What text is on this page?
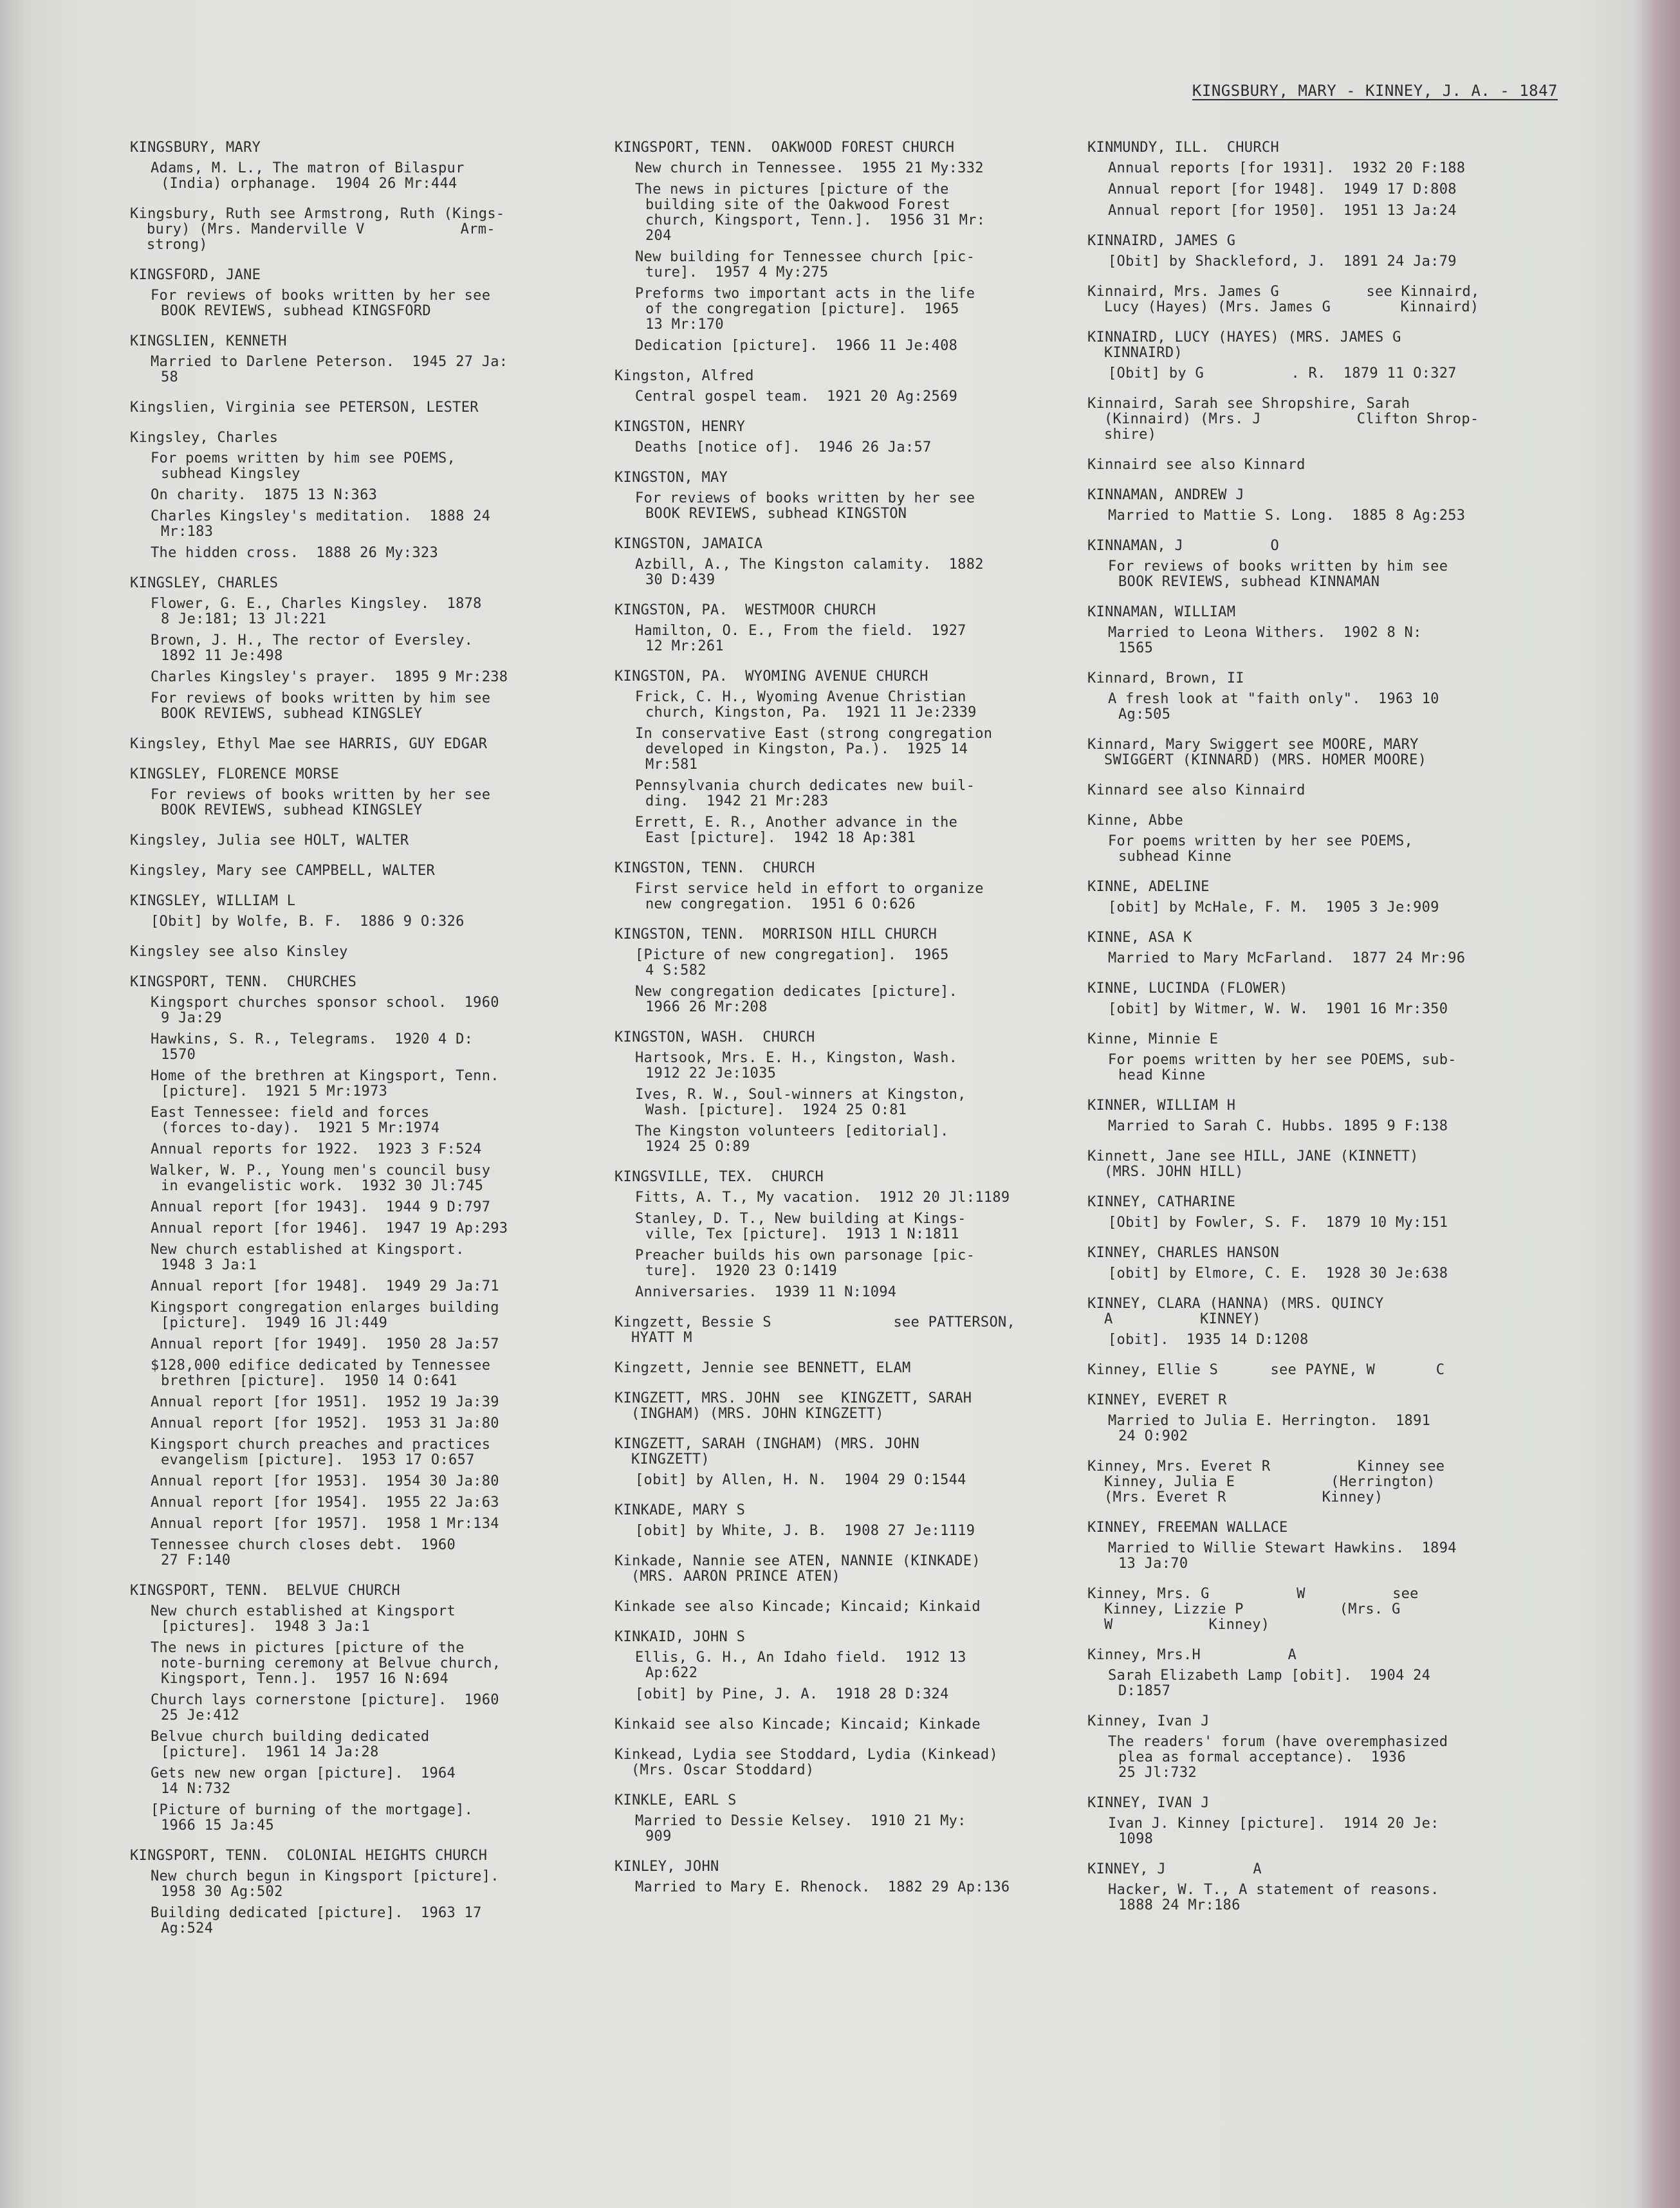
KINGSBURY, MARY - KINNEY, J. A. - 1847
KINGSBURY, MARY
Adams, M. L., The matron of Bilaspur
(India) orphanage.  1904 26 Mr:444
Kingsbury, Ruth see Armstrong, Ruth (Kings-
bury) (Mrs. Manderville V           Arm-
strong)
KINGSFORD, JANE
For reviews of books written by her see
BOOK REVIEWS, subhead KINGSFORD
KINGSLIEN, KENNETH
Married to Darlene Peterson.  1945 27 Ja:
58
Kingslien, Virginia see PETERSON, LESTER
Kingsley, Charles
For poems written by him see POEMS,
subhead Kingsley
On charity.  1875 13 N:363
Charles Kingsley's meditation.  1888 24
Mr:183
The hidden cross.  1888 26 My:323
KINGSLEY, CHARLES
Flower, G. E., Charles Kingsley.  1878
8 Je:181; 13 Jl:221
Brown, J. H., The rector of Eversley.
1892 11 Je:498
Charles Kingsley's prayer.  1895 9 Mr:238
For reviews of books written by him see
BOOK REVIEWS, subhead KINGSLEY
Kingsley, Ethyl Mae see HARRIS, GUY EDGAR
KINGSLEY, FLORENCE MORSE
For reviews of books written by her see
BOOK REVIEWS, subhead KINGSLEY
Kingsley, Julia see HOLT, WALTER
Kingsley, Mary see CAMPBELL, WALTER
KINGSLEY, WILLIAM L
[Obit] by Wolfe, B. F.  1886 9 O:326
Kingsley see also Kinsley
KINGSPORT, TENN.  CHURCHES
Kingsport churches sponsor school.  1960
9 Ja:29
Hawkins, S. R., Telegrams.  1920 4 D:
1570
Home of the brethren at Kingsport, Tenn.
[picture].  1921 5 Mr:1973
East Tennessee: field and forces
(forces to-day).  1921 5 Mr:1974
Annual reports for 1922.  1923 3 F:524
Walker, W. P., Young men's council busy
in evangelistic work.  1932 30 Jl:745
Annual report [for 1943].  1944 9 D:797
Annual report [for 1946].  1947 19 Ap:293
New church established at Kingsport.
1948 3 Ja:1
Annual report [for 1948].  1949 29 Ja:71
Kingsport congregation enlarges building
[picture].  1949 16 Jl:449
Annual report [for 1949].  1950 28 Ja:57
$128,000 edifice dedicated by Tennessee
brethren [picture].  1950 14 O:641
Annual report [for 1951].  1952 19 Ja:39
Annual report [for 1952].  1953 31 Ja:80
Kingsport church preaches and practices
evangelism [picture].  1953 17 O:657
Annual report [for 1953].  1954 30 Ja:80
Annual report [for 1954].  1955 22 Ja:63
Annual report [for 1957].  1958 1 Mr:134
Tennessee church closes debt.  1960
27 F:140
KINGSPORT, TENN.  BELVUE CHURCH
New church established at Kingsport
[pictures].  1948 3 Ja:1
The news in pictures [picture of the
note-burning ceremony at Belvue church,
Kingsport, Tenn.].  1957 16 N:694
Church lays cornerstone [picture].  1960
25 Je:412
Belvue church building dedicated
[picture].  1961 14 Ja:28
Gets new new organ [picture].  1964
14 N:732
[Picture of burning of the mortgage].
1966 15 Ja:45
KINGSPORT, TENN.  COLONIAL HEIGHTS CHURCH
New church begun in Kingsport [picture].
1958 30 Ag:502
Building dedicated [picture].  1963 17
Ag:524
KINGSPORT, TENN.  OAKWOOD FOREST CHURCH
New church in Tennessee.  1955 21 My:332
The news in pictures [picture of the
building site of the Oakwood Forest
church, Kingsport, Tenn.].  1956 31 Mr:
204
New building for Tennessee church [pic-
ture].  1957 4 My:275
Preforms two important acts in the life
of the congregation [picture].  1965
13 Mr:170
Dedication [picture].  1966 11 Je:408
Kingston, Alfred
Central gospel team.  1921 20 Ag:2569
KINGSTON, HENRY
Deaths [notice of].  1946 26 Ja:57
KINGSTON, MAY
For reviews of books written by her see
BOOK REVIEWS, subhead KINGSTON
KINGSTON, JAMAICA
Azbill, A., The Kingston calamity.  1882
30 D:439
KINGSTON, PA.  WESTMOOR CHURCH
Hamilton, O. E., From the field.  1927
12 Mr:261
KINGSTON, PA.  WYOMING AVENUE CHURCH
Frick, C. H., Wyoming Avenue Christian
church, Kingston, Pa.  1921 11 Je:2339
In conservative East (strong congregation
developed in Kingston, Pa.).  1925 14
Mr:581
Pennsylvania church dedicates new buil-
ding.  1942 21 Mr:283
Errett, E. R., Another advance in the
East [picture].  1942 18 Ap:381
KINGSTON, TENN.  CHURCH
First service held in effort to organize
new congregation.  1951 6 O:626
KINGSTON, TENN.  MORRISON HILL CHURCH
[Picture of new congregation].  1965
4 S:582
New congregation dedicates [picture].
1966 26 Mr:208
KINGSTON, WASH.  CHURCH
Hartsook, Mrs. E. H., Kingston, Wash.
1912 22 Je:1035
Ives, R. W., Soul-winners at Kingston,
Wash. [picture].  1924 25 O:81
The Kingston volunteers [editorial].
1924 25 O:89
KINGSVILLE, TEX.  CHURCH
Fitts, A. T., My vacation.  1912 20 Jl:1189
Stanley, D. T., New building at Kings-
ville, Tex [picture].  1913 1 N:1811
Preacher builds his own parsonage [pic-
ture].  1920 23 O:1419
Anniversaries.  1939 11 N:1094
Kingzett, Bessie S              see PATTERSON,
HYATT M
Kingzett, Jennie see BENNETT, ELAM
KINGZETT, MRS. JOHN  see  KINGZETT, SARAH
(INGHAM) (MRS. JOHN KINGZETT)
KINGZETT, SARAH (INGHAM) (MRS. JOHN
KINGZETT)
[obit] by Allen, H. N.  1904 29 O:1544
KINKADE, MARY S
[obit] by White, J. B.  1908 27 Je:1119
Kinkade, Nannie see ATEN, NANNIE (KINKADE)
(MRS. AARON PRINCE ATEN)
Kinkade see also Kincade; Kincaid; Kinkaid
KINKAID, JOHN S
Ellis, G. H., An Idaho field.  1912 13
Ap:622
[obit] by Pine, J. A.  1918 28 D:324
Kinkaid see also Kincade; Kincaid; Kinkade
Kinkead, Lydia see Stoddard, Lydia (Kinkead)
(Mrs. Oscar Stoddard)
KINKLE, EARL S
Married to Dessie Kelsey.  1910 21 My:
909
KINLEY, JOHN
Married to Mary E. Rhenock.  1882 29 Ap:136
KINMUNDY, ILL.  CHURCH
Annual reports [for 1931].  1932 20 F:188
Annual report [for 1948].  1949 17 D:808
Annual report [for 1950].  1951 13 Ja:24
KINNAIRD, JAMES G
[Obit] by Shackleford, J.  1891 24 Ja:79
Kinnaird, Mrs. James G          see Kinnaird,
Lucy (Hayes) (Mrs. James G        Kinnaird)
KINNAIRD, LUCY (HAYES) (MRS. JAMES G
KINNAIRD)
[Obit] by G          . R.  1879 11 O:327
Kinnaird, Sarah see Shropshire, Sarah
(Kinnaird) (Mrs. J           Clifton Shrop-
shire)
Kinnaird see also Kinnard
KINNAMAN, ANDREW J
Married to Mattie S. Long.  1885 8 Ag:253
KINNAMAN, J          O
For reviews of books written by him see
BOOK REVIEWS, subhead KINNAMAN
KINNAMAN, WILLIAM
Married to Leona Withers.  1902 8 N:
1565
Kinnard, Brown, II
A fresh look at "faith only".  1963 10
Ag:505
Kinnard, Mary Swiggert see MOORE, MARY
SWIGGERT (KINNARD) (MRS. HOMER MOORE)
Kinnard see also Kinnaird
Kinne, Abbe
For poems written by her see POEMS,
subhead Kinne
KINNE, ADELINE
[obit] by McHale, F. M.  1905 3 Je:909
KINNE, ASA K
Married to Mary McFarland.  1877 24 Mr:96
KINNE, LUCINDA (FLOWER)
[obit] by Witmer, W. W.  1901 16 Mr:350
Kinne, Minnie E
For poems written by her see POEMS, sub-
head Kinne
KINNER, WILLIAM H
Married to Sarah C. Hubbs. 1895 9 F:138
Kinnett, Jane see HILL, JANE (KINNETT)
(MRS. JOHN HILL)
KINNEY, CATHARINE
[Obit] by Fowler, S. F.  1879 10 My:151
KINNEY, CHARLES HANSON
[obit] by Elmore, C. E.  1928 30 Je:638
KINNEY, CLARA (HANNA) (MRS. QUINCY
A          KINNEY)
[obit].  1935 14 D:1208
Kinney, Ellie S      see PAYNE, W       C
KINNEY, EVERET R
Married to Julia E. Herrington.  1891
24 O:902
Kinney, Mrs. Everet R          Kinney see
Kinney, Julia E           (Herrington)
(Mrs. Everet R           Kinney)
KINNEY, FREEMAN WALLACE
Married to Willie Stewart Hawkins.  1894
13 Ja:70
Kinney, Mrs. G          W          see
Kinney, Lizzie P           (Mrs. G
W           Kinney)
Kinney, Mrs.H          A
Sarah Elizabeth Lamp [obit].  1904 24
D:1857
Kinney, Ivan J
The readers' forum (have overemphasized
plea as formal acceptance).  1936
25 Jl:732
KINNEY, IVAN J
Ivan J. Kinney [picture].  1914 20 Je:
1098
KINNEY, J          A
Hacker, W. T., A statement of reasons.
1888 24 Mr:186
